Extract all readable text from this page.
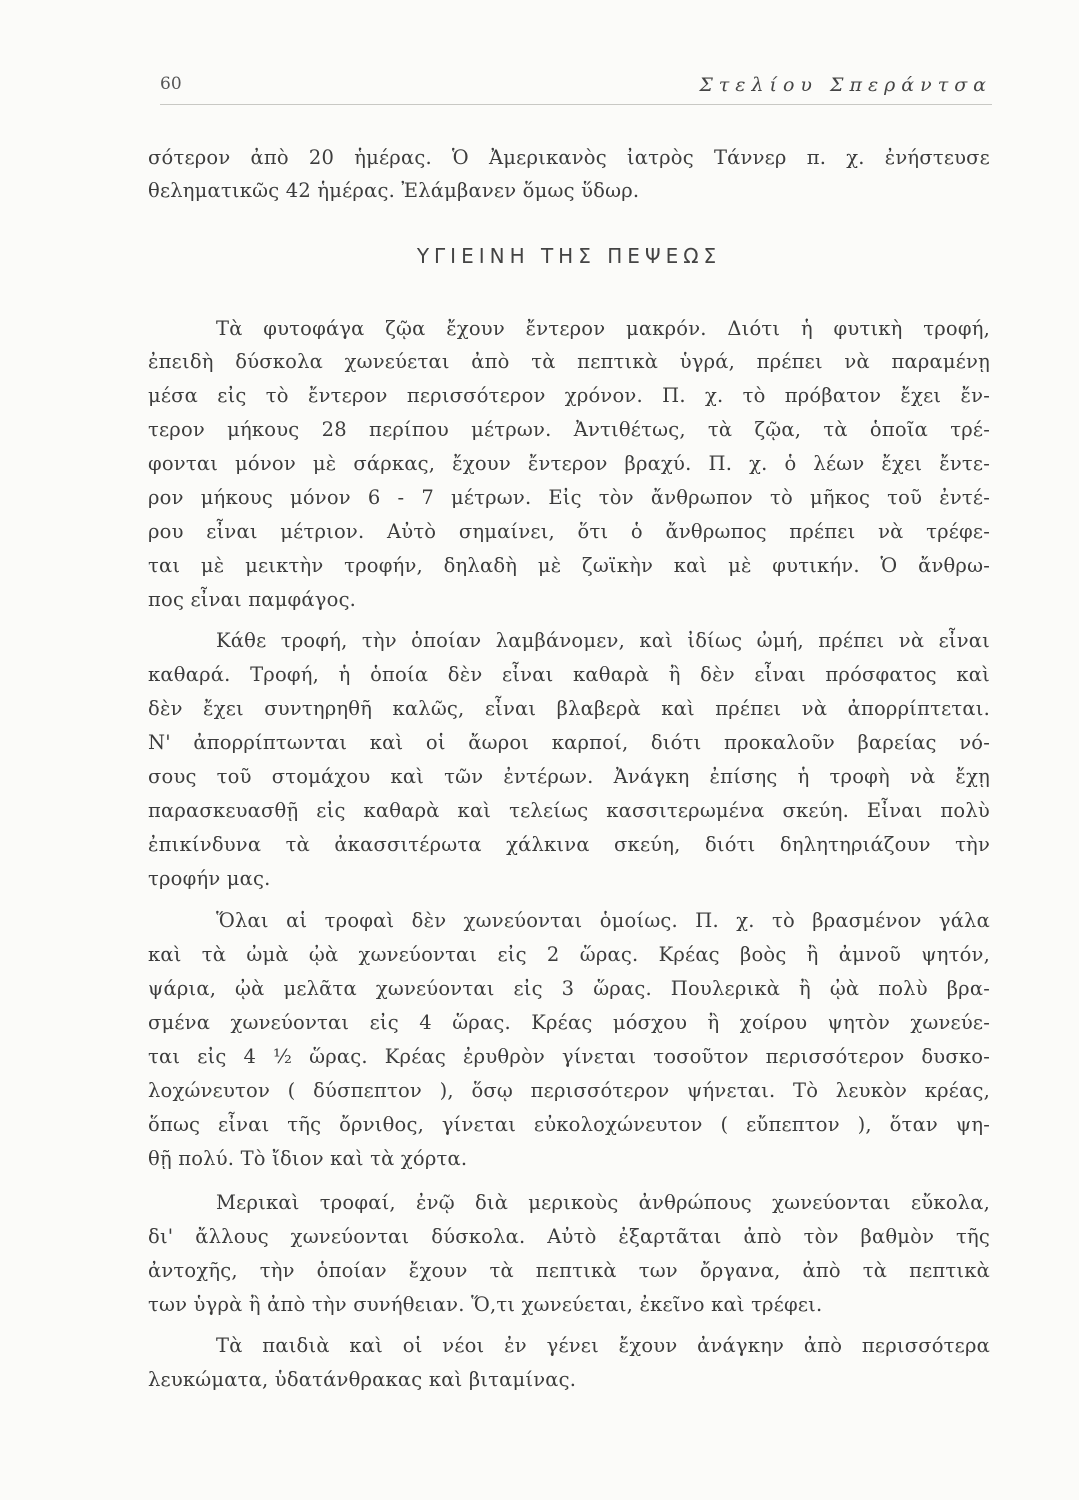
60	Στελίου Σπεράντσα
σότερον ἀπὸ 20 ἡμέρας. Ὁ Ἀμερικανὸς ἰατρὸς Τάννερ π. χ. ἐνήστευσε
θεληματικῶς 42 ἡμέρας. Ἐλάμβανεν ὅμως ὕδωρ.
ΥΓΙΕΙΝΗ ΤΗΣ ΠΕΨΕΩΣ
Τὰ φυτοφάγα ζῷα ἔχουν ἔντερον μακρόν. Διότι ἡ φυτικὴ τροφή,
ἐπειδὴ δύσκολα χωνεύεται ἀπὸ τὰ πεπτικὰ ὑγρά, πρέπει νὰ παραμένῃ
μέσα εἰς τὸ ἔντερον περισσότερον χρόνον. Π. χ. τὸ πρόβατον ἔχει ἔν-
τερον μήκους 28 περίπου μέτρων. Ἀντιθέτως, τὰ ζῷα, τὰ ὁποῖα τρέ-
φονται μόνον μὲ σάρκας, ἔχουν ἔντερον βραχύ. Π. χ. ὁ λέων ἔχει ἔντε-
ρον μήκους μόνον 6 - 7 μέτρων. Εἰς τὸν ἄνθρωπον τὸ μῆκος τοῦ ἐντέ-
ρου εἶναι μέτριον. Αὐτὸ σημαίνει, ὅτι ὁ ἄνθρωπος πρέπει νὰ τρέφε-
ται μὲ μεικτὴν τροφήν, δηλαδὴ μὲ ζωϊκὴν καὶ μὲ φυτικήν. Ὁ ἄνθρω-
πος εἶναι παμφάγος.
Κάθε τροφή, τὴν ὁποίαν λαμβάνομεν, καὶ ἰδίως ὠμή, πρέπει νὰ εἶναι
καθαρά. Τροφή, ἡ ὁποία δὲν εἶναι καθαρὰ ἢ δὲν εἶναι πρόσφατος καὶ
δὲν ἔχει συντηρηθῆ καλῶς, εἶναι βλαβερὰ καὶ πρέπει νὰ ἀπορρίπτεται.
Ν' ἀπορρίπτωνται καὶ οἱ ἄωροι καρποί, διότι προκαλοῦν βαρείας νό-
σους τοῦ στομάχου καὶ τῶν ἐντέρων. Ἀνάγκη ἐπίσης ἡ τροφὴ νὰ ἔχῃ
παρασκευασθῇ εἰς καθαρὰ καὶ τελείως κασσιτερωμένα σκεύη. Εἶναι πολὺ
ἐπικίνδυνα τὰ ἀκασσιτέρωτα χάλκινα σκεύη, διότι δηλητηριάζουν τὴν
τροφήν μας.
Ὅλαι αἱ τροφαὶ δὲν χωνεύονται ὁμοίως. Π. χ. τὸ βρασμένον γάλα
καὶ τὰ ὠμὰ ᾠὰ χωνεύονται εἰς 2 ὥρας. Κρέας βοὸς ἢ ἀμνοῦ ψητόν,
ψάρια, ᾠὰ μελᾶτα χωνεύονται εἰς 3 ὥρας. Πουλερικὰ ἢ ᾠὰ πολὺ βρα-
σμένα χωνεύονται εἰς 4 ὥρας. Κρέας μόσχου ἢ χοίρου ψητὸν χωνεύε-
ται εἰς 4 ½ ὥρας. Κρέας ἐρυθρὸν γίνεται τοσοῦτον περισσότερον δυσκο-
λοχώνευτον ( δύσπεπτον ), ὅσῳ περισσότερον ψήνεται. Τὸ λευκὸν κρέας,
ὅπως εἶναι τῆς ὄρνιθος, γίνεται εὐκολοχώνευτον ( εὔπεπτον ), ὅταν ψη-
θῇ πολύ. Τὸ ἴδιον καὶ τὰ χόρτα.
Μερικαὶ τροφαί, ἐνῷ διὰ μερικοὺς ἀνθρώπους χωνεύονται εὔκολα,
δι' ἄλλους χωνεύονται δύσκολα. Αὐτὸ ἐξαρτᾶται ἀπὸ τὸν βαθμὸν τῆς
ἀντοχῆς, τὴν ὁποίαν ἔχουν τὰ πεπτικὰ των ὄργανα, ἀπὸ τὰ πεπτικὰ
των ὑγρὰ ἢ ἀπὸ τὴν συνήθειαν. Ὅ,τι χωνεύεται, ἐκεῖνο καὶ τρέφει.
Τὰ παιδιὰ καὶ οἱ νέοι ἐν γένει ἔχουν ἀνάγκην ἀπὸ περισσότερα
λευκώματα, ὑδατάνθρακας καὶ βιταμίνας.
